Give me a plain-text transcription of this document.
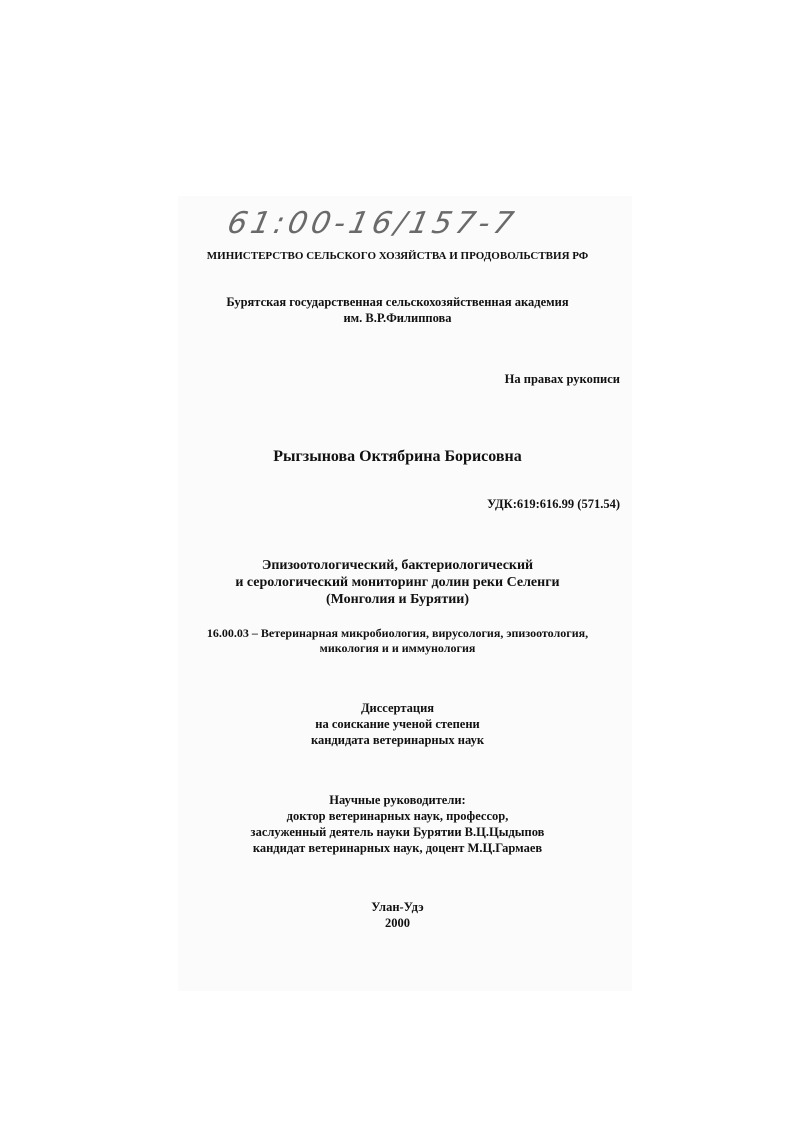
61:00-16/157-7
МИНИСТЕРСТВО СЕЛЬСКОГО ХОЗЯЙСТВА И ПРОДОВОЛЬСТВИЯ РФ
Бурятская государственная сельскохозяйственная академия
им. В.Р.Филиппова
На правах рукописи
Рыгзынова Октябрина Борисовна
УДК:619:616.99 (571.54)
Эпизоотологический, бактериологический
и серологический мониторинг долин реки Селенги
(Монголия и Бурятии)
16.00.03 – Ветеринарная микробиология, вирусология, эпизоотология,
микология и и иммунология
Диссертация
на соискание ученой степени
кандидата ветеринарных наук
Научные руководители:
доктор ветеринарных наук, профессор,
заслуженный деятель науки Бурятии В.Ц.Цыдыпов
кандидат ветеринарных наук, доцент М.Ц.Гармаев
Улан-Удэ
2000
